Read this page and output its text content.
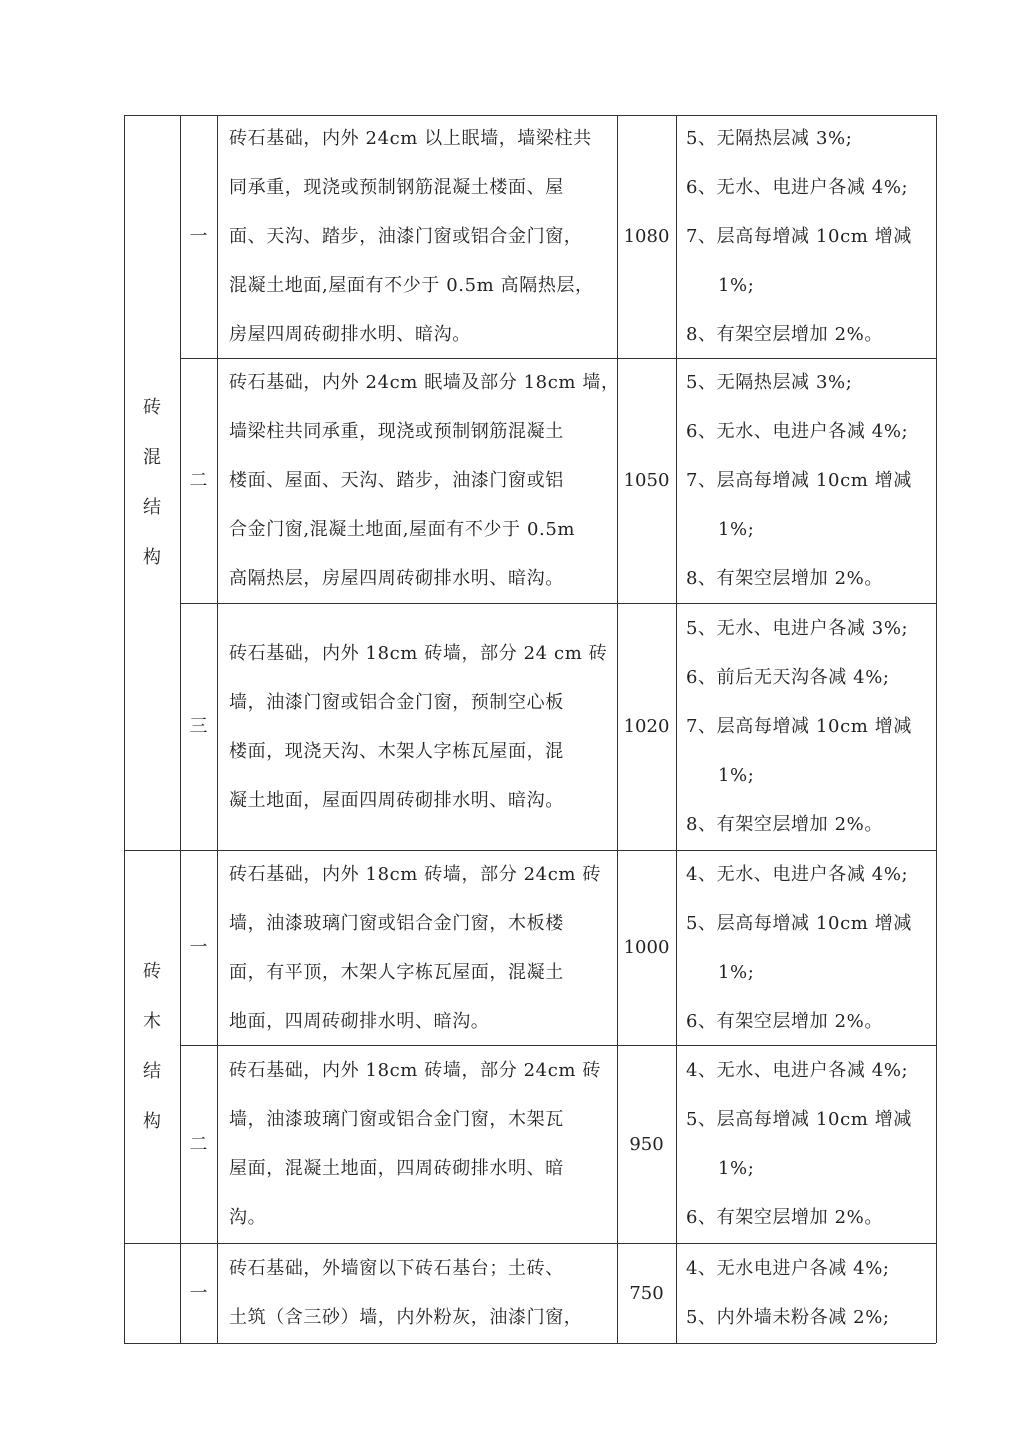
砖
混
结
构
砖
木
结
构
一
砖石基础，内外 24cm 以上眠墙，墙梁柱共
同承重，现浇或预制钢筋混凝土楼面、屋
面、天沟、踏步，油漆门窗或铝合金门窗，
混凝土地面,屋面有不少于 0.5m 高隔热层，
房屋四周砖砌排水明、暗沟。
1080
5、无隔热层减 3%;
6、无水、电进户各减 4%;
7、层高每增减 10cm 增减
1%;
8、有架空层增加 2%。
二
砖石基础，内外 24cm 眠墙及部分 18cm 墙，
墙梁柱共同承重，现浇或预制钢筋混凝土
楼面、屋面、天沟、踏步，油漆门窗或铝
合金门窗,混凝土地面,屋面有不少于 0.5m
高隔热层，房屋四周砖砌排水明、暗沟。
1050
5、无隔热层减 3%;
6、无水、电进户各减 4%;
7、层高每增减 10cm 增减
1%;
8、有架空层增加 2%。
三
砖石基础，内外 18cm 砖墙，部分 24 cm 砖
墙，油漆门窗或铝合金门窗，预制空心板
楼面，现浇天沟、木架人字栋瓦屋面，混
凝土地面，屋面四周砖砌排水明、暗沟。
1020
5、无水、电进户各减 3%;
6、前后无天沟各减 4%;
7、层高每增减 10cm 增减
1%;
8、有架空层增加 2%。
一
砖石基础，内外 18cm 砖墙，部分 24cm 砖
墙，油漆玻璃门窗或铝合金门窗，木板楼
面，有平顶，木架人字栋瓦屋面，混凝土
地面，四周砖砌排水明、暗沟。
1000
4、无水、电进户各减 4%;
5、层高每增减 10cm 增减
1%;
6、有架空层增加 2%。
二
砖石基础，内外 18cm 砖墙，部分 24cm 砖
墙，油漆玻璃门窗或铝合金门窗，木架瓦
屋面，混凝土地面，四周砖砌排水明、暗
沟。
950
4、无水、电进户各减 4%;
5、层高每增减 10cm 增减
1%;
6、有架空层增加 2%。
一
砖石基础，外墙窗以下砖石基台；土砖、
土筑（含三砂）墙，内外粉灰，油漆门窗，
750
4、无水电进户各减 4%;
5、内外墙未粉各减 2%;
